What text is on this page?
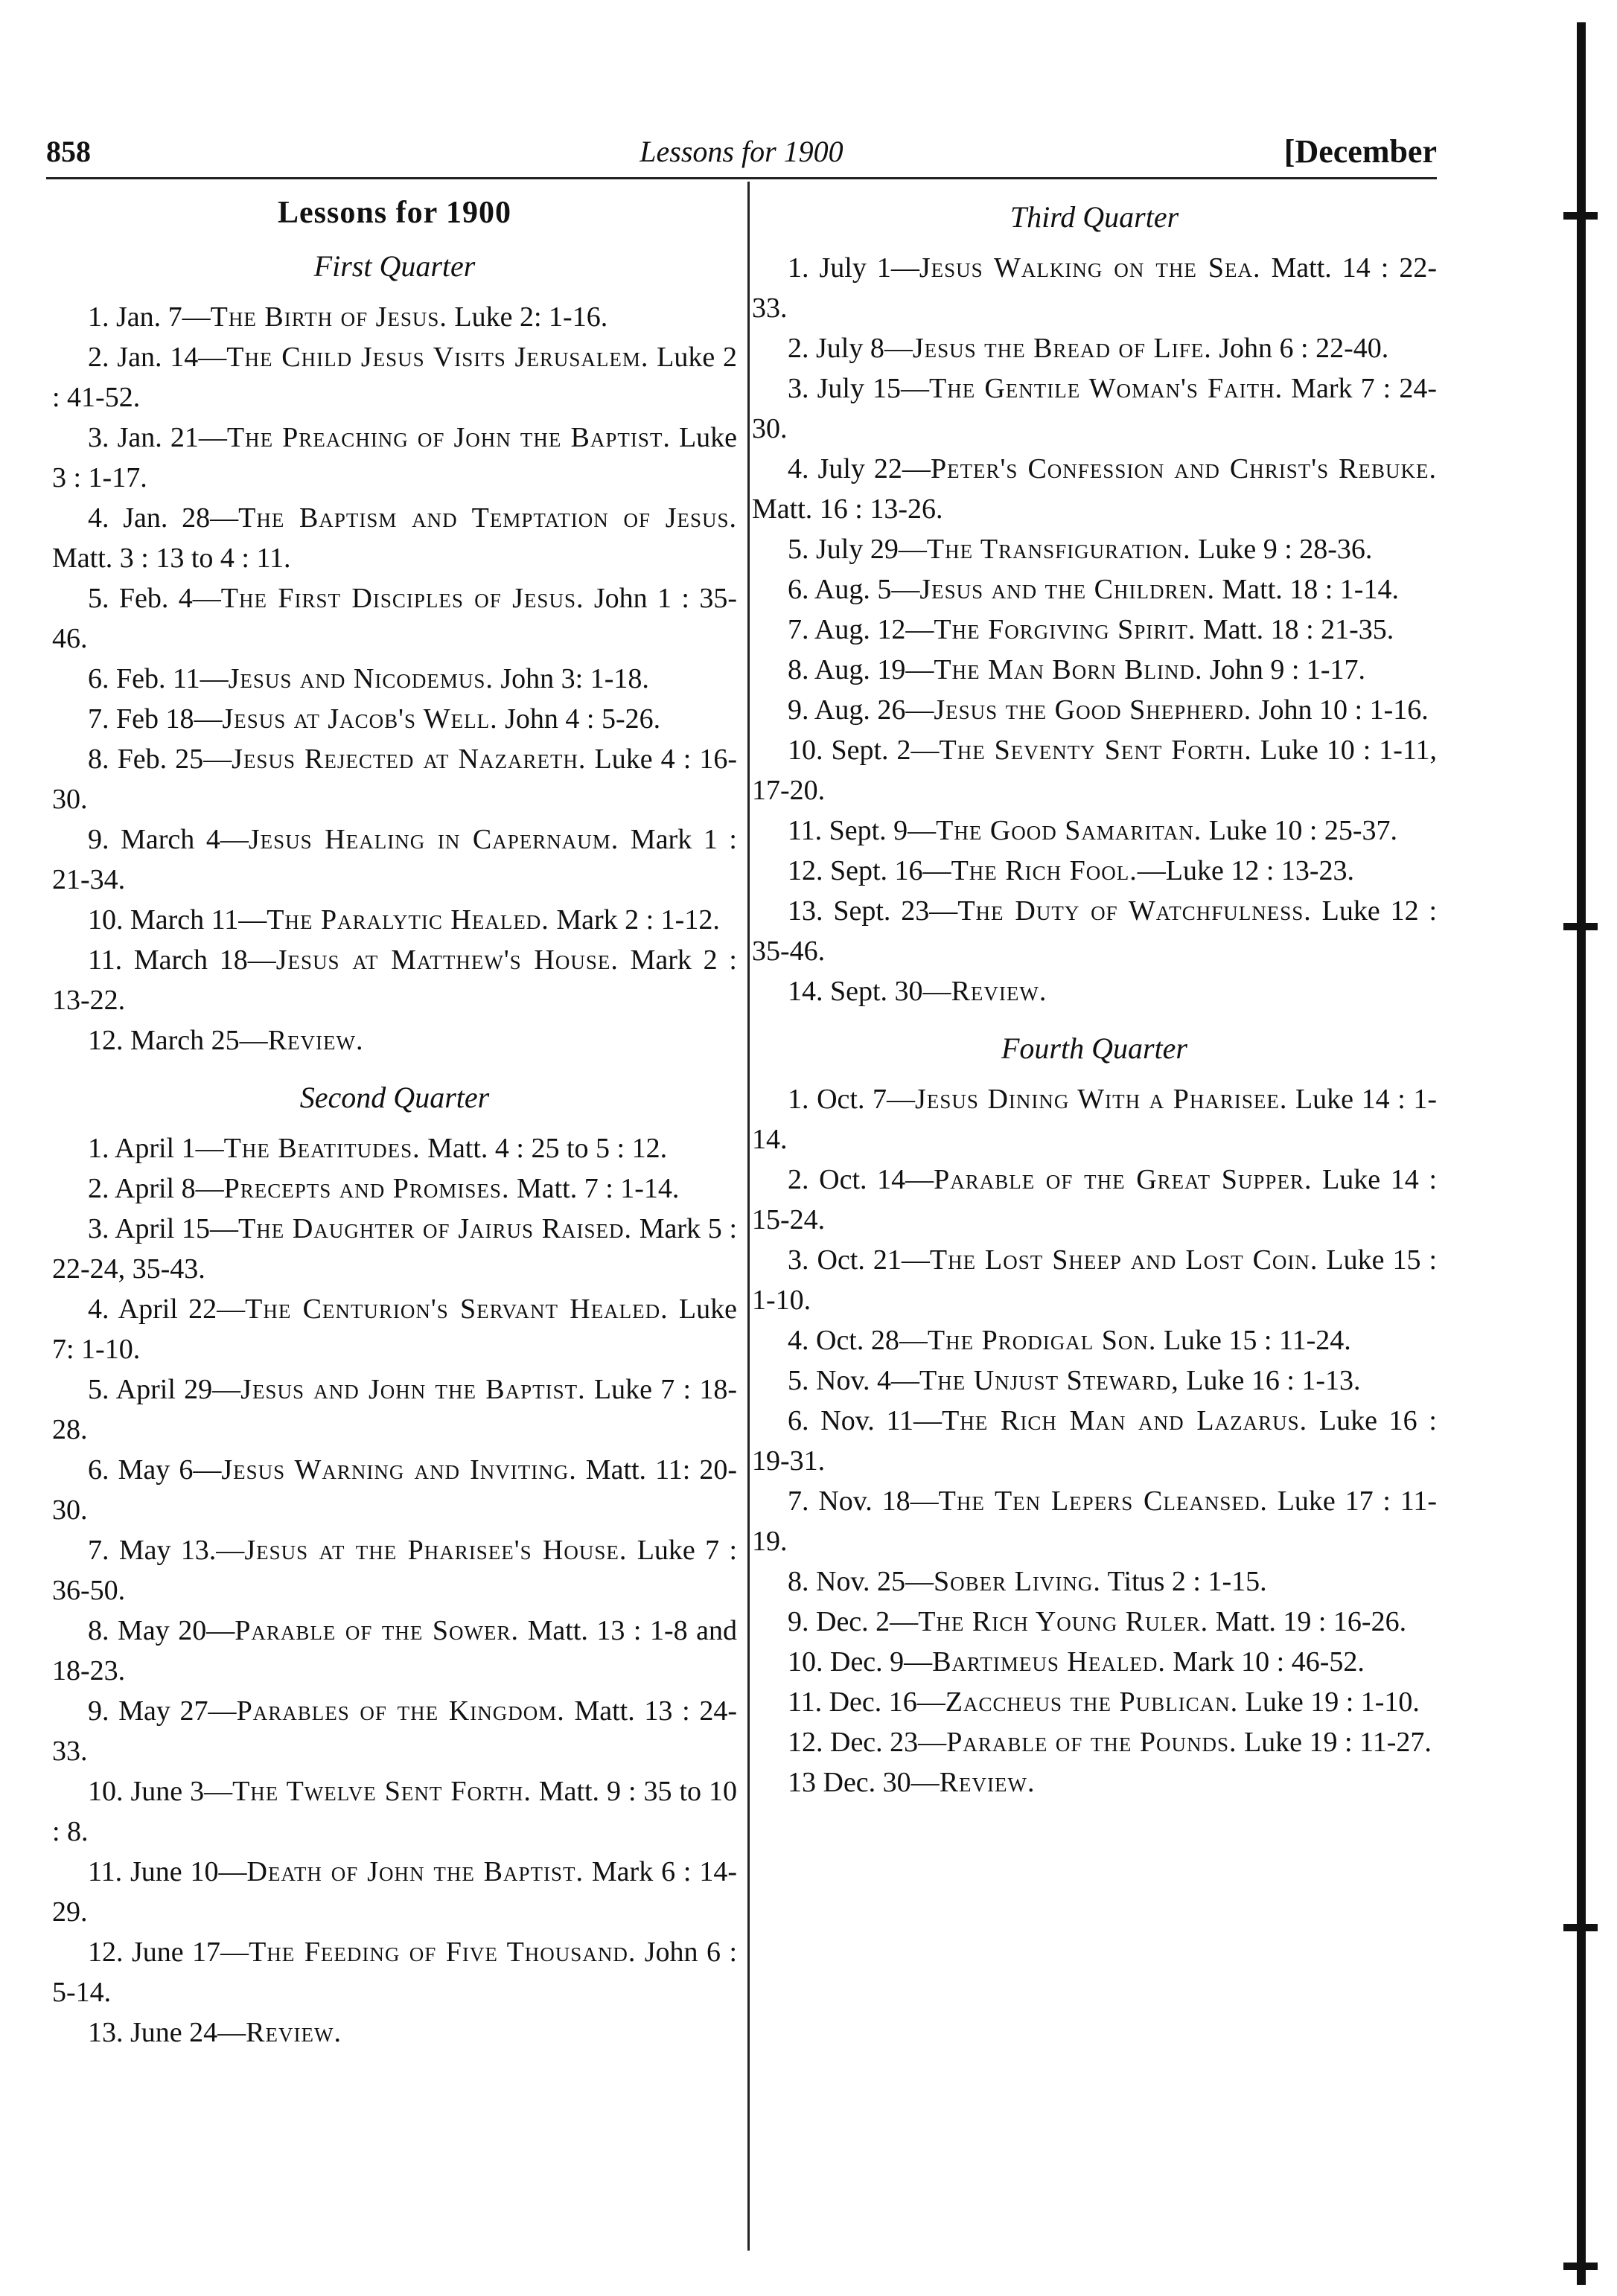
858	Lessons for 1900	[December
Lessons for 1900
First Quarter

1. Jan. 7—The Birth of Jesus. Luke 2: 1-16.

2. Jan. 14—The Child Jesus Visits Jerusalem. Luke 2 : 41-52.

3. Jan. 21—The Preaching of John the Baptist. Luke 3 : 1-17.

4. Jan. 28—The Baptism and Temptation of Jesus. Matt. 3 : 13 to 4 : 11.

5. Feb. 4—The First Disciples of Jesus. John 1 : 35-46.

6. Feb. 11—Jesus and Nicodemus. John 3: 1-18.

7. Feb 18—Jesus at Jacob's Well. John 4 : 5-26.

8. Feb. 25—Jesus Rejected at Nazareth. Luke 4 : 16-30.

9. March 4—Jesus Healing in Capernaum. Mark 1 : 21-34.

10. March 11—The Paralytic Healed. Mark 2 : 1-12.

11. March 18—Jesus at Matthew's House. Mark 2 : 13-22.

12. March 25—Review.

Second Quarter

1. April 1—The Beatitudes. Matt. 4 : 25 to 5 : 12.

2. April 8—Precepts and Promises. Matt. 7 : 1-14.

3. April 15—The Daughter of Jairus Raised. Mark 5 : 22-24, 35-43.

4. April 22—The Centurion's Servant Healed. Luke 7: 1-10.

5. April 29—Jesus and John the Baptist. Luke 7 : 18-28.

6. May 6—Jesus Warning and Inviting. Matt. 11: 20-30.

7. May 13.—Jesus at the Pharisee's House. Luke 7 : 36-50.

8. May 20—Parable of the Sower. Matt. 13 : 1-8 and 18-23.

9. May 27—Parables of the Kingdom. Matt. 13 : 24-33.

10. June 3—The Twelve Sent Forth. Matt. 9 : 35 to 10 : 8.

11. June 10—Death of John the Baptist. Mark 6 : 14-29.

12. June 17—The Feeding of Five Thousand. John 6 : 5-14.

13. June 24—Review.

Third Quarter

1. July 1—Jesus Walking on the Sea. Matt. 14 : 22-33.

2. July 8—Jesus the Bread of Life. John 6 : 22-40.

3. July 15—The Gentile Woman's Faith. Mark 7 : 24-30.

4. July 22—Peter's Confession and Christ's Rebuke. Matt. 16 : 13-26.

5. July 29—The Transfiguration. Luke 9 : 28-36.

6. Aug. 5—Jesus and the Children. Matt. 18 : 1-14.

7. Aug. 12—The Forgiving Spirit. Matt. 18 : 21-35.

8. Aug. 19—The Man Born Blind. John 9 : 1-17.

9. Aug. 26—Jesus the Good Shepherd. John 10 : 1-16.

10. Sept. 2—The Seventy Sent Forth. Luke 10 : 1-11, 17-20.

11. Sept. 9—The Good Samaritan. Luke 10 : 25-37.

12. Sept. 16—The Rich Fool.—Luke 12 : 13-23.

13. Sept. 23—The Duty of Watchfulness. Luke 12 : 35-46.

14. Sept. 30—Review.

Fourth Quarter

1. Oct. 7—Jesus Dining With a Pharisee. Luke 14 : 1-14.

2. Oct. 14—Parable of the Great Supper. Luke 14 : 15-24.

3. Oct. 21—The Lost Sheep and Lost Coin. Luke 15 : 1-10.

4. Oct. 28—The Prodigal Son. Luke 15 : 11-24.

5. Nov. 4—The Unjust Steward, Luke 16 : 1-13.

6. Nov. 11—The Rich Man and Lazarus. Luke 16 : 19-31.

7. Nov. 18—The Ten Lepers Cleansed. Luke 17 : 11-19.

8. Nov. 25—Sober Living. Titus 2 : 1-15.

9. Dec. 2—The Rich Young Ruler. Matt. 19 : 16-26.

10. Dec. 9—Bartimeus Healed. Mark 10 : 46-52.

11. Dec. 16—Zaccheus the Publican. Luke 19 : 1-10.

12. Dec. 23—Parable of the Pounds. Luke 19 : 11-27.

13 Dec. 30—Review.
